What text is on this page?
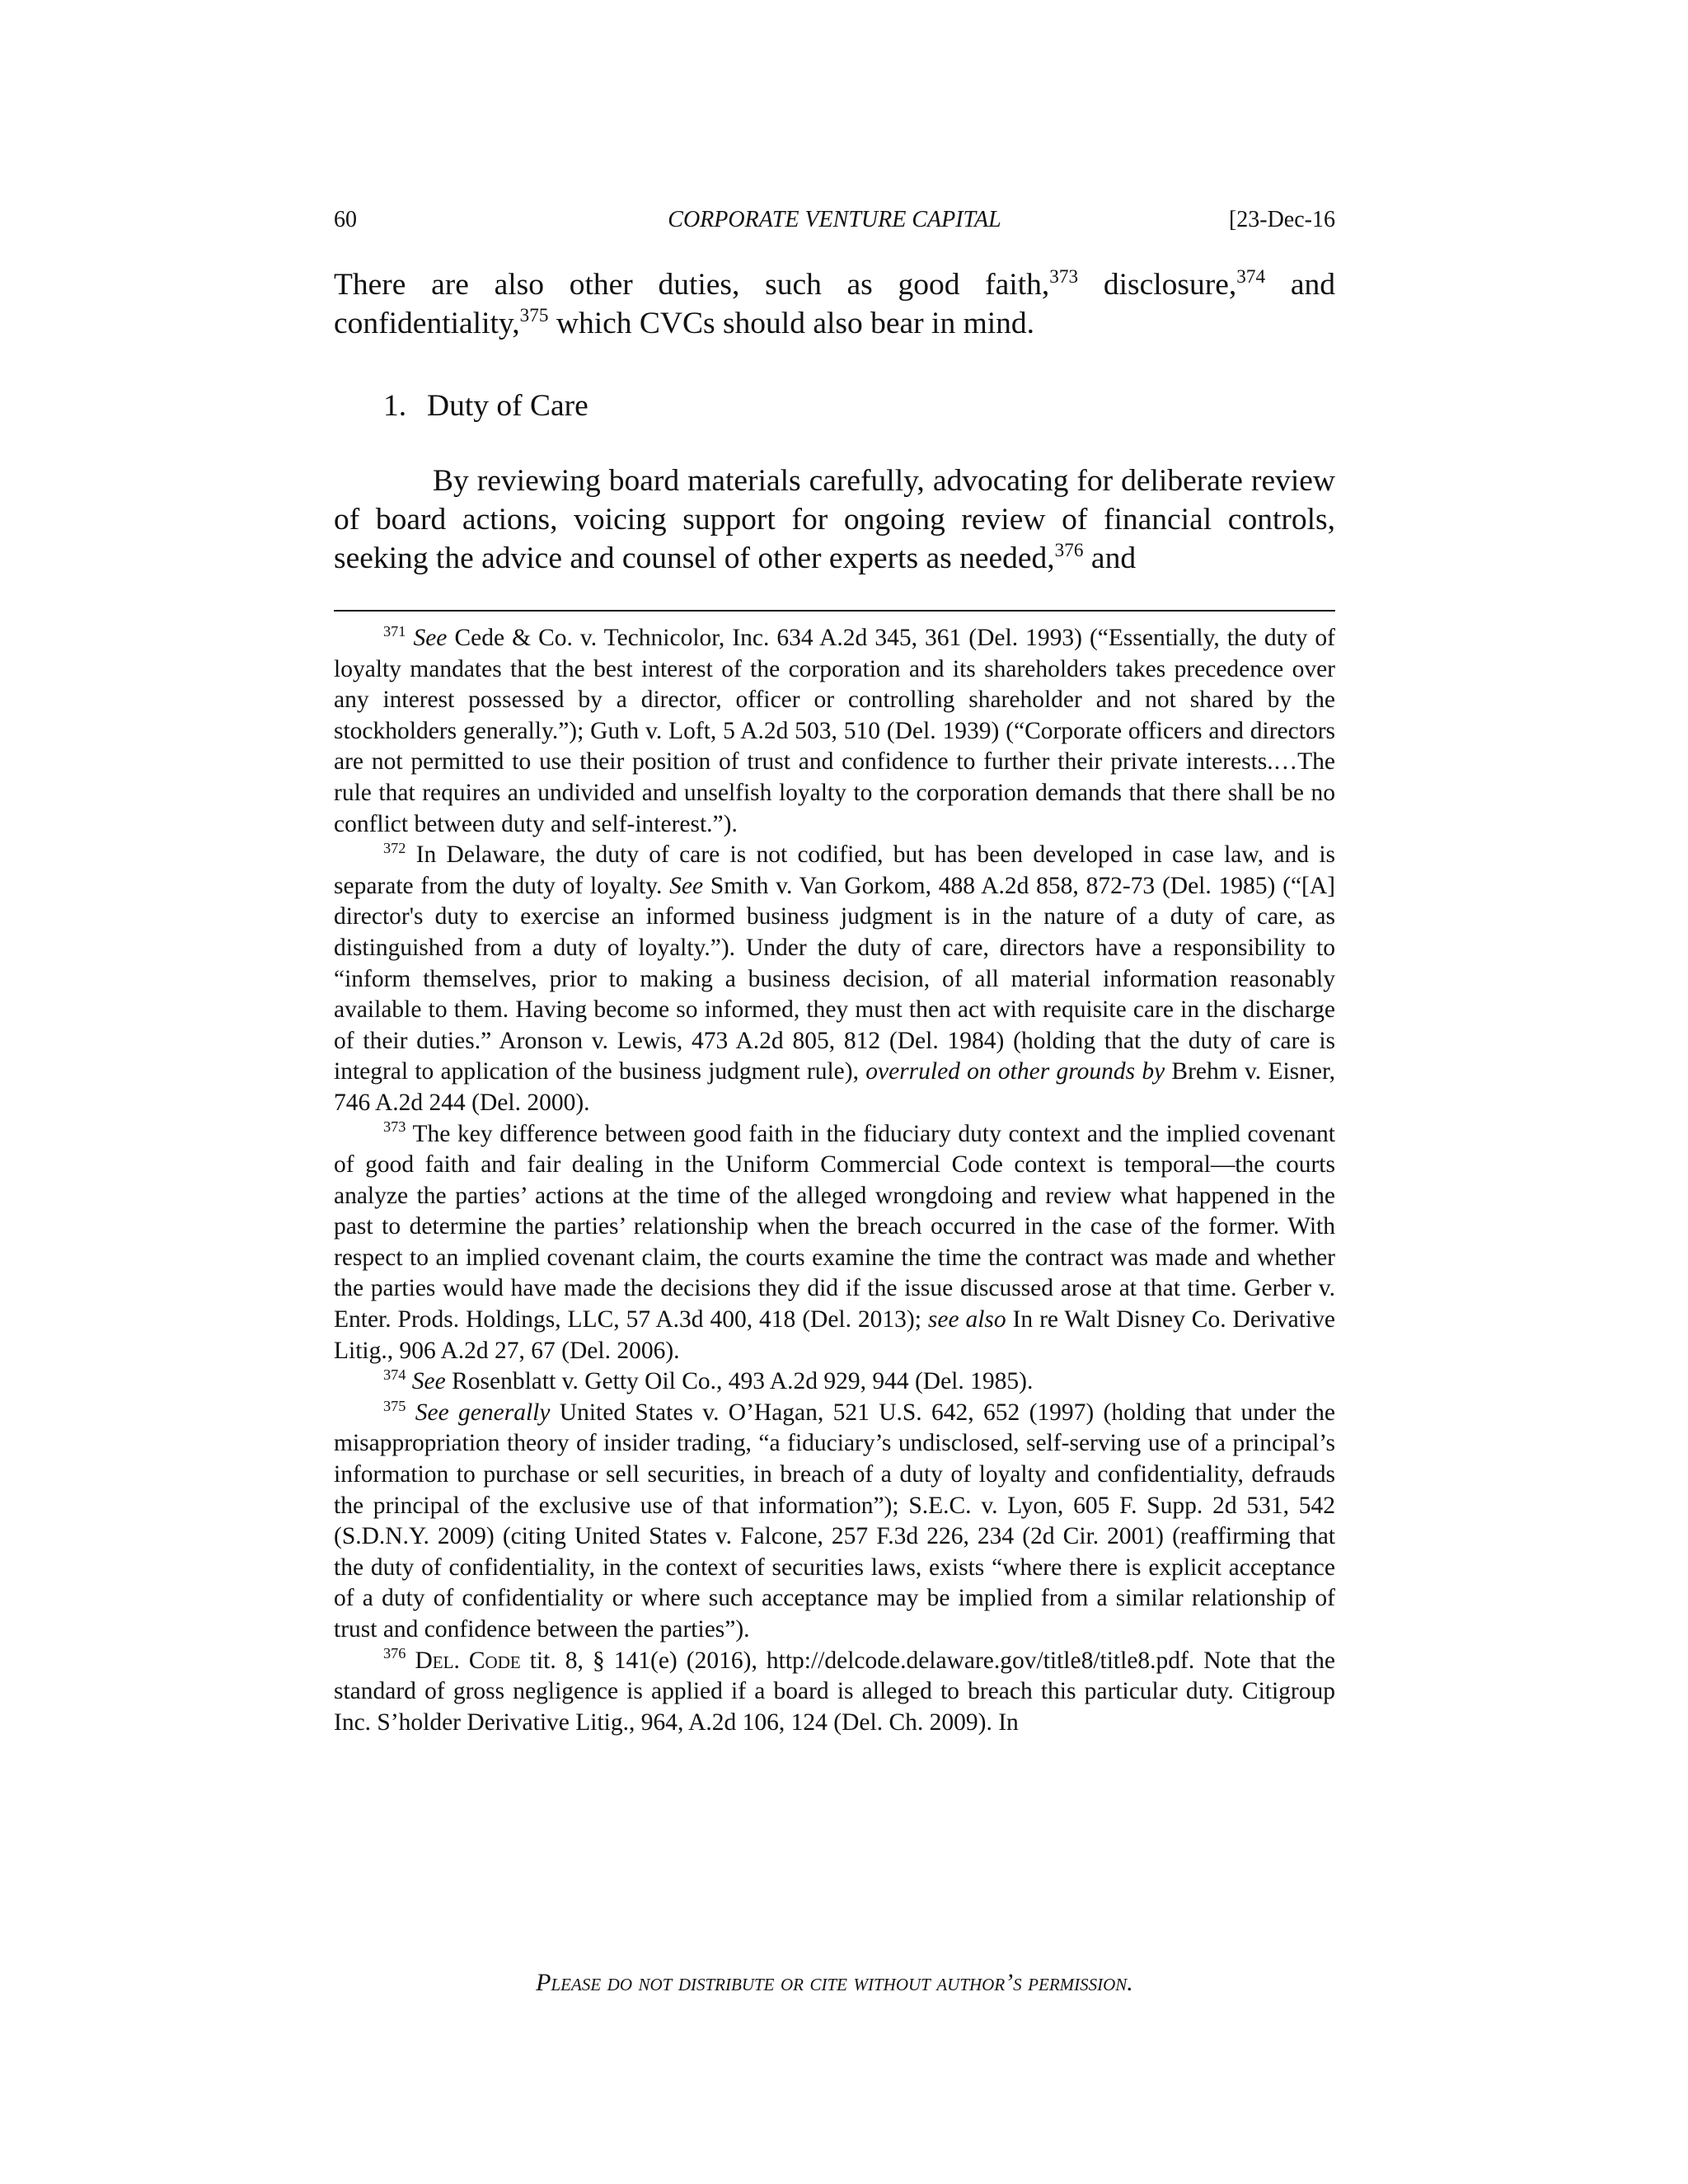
60	CORPORATE VENTURE CAPITAL	[23-Dec-16

There are also other duties, such as good faith,$^{373}$ disclosure,$^{374}$ and confidentiality,$^{375}$ which CVCs should also bear in mind.

1. Duty of Care

By reviewing board materials carefully, advocating for deliberate review of board actions, voicing support for ongoing review of financial controls, seeking the advice and counsel of other experts as needed,$^{376}$ and

$^{371}$ See Cede & Co. v. Technicolor, Inc. 634 A.2d 345, 361 (Del. 1993) (“Essentially, the duty of loyalty mandates that the best interest of the corporation and its shareholders takes precedence over any interest possessed by a director, officer or controlling shareholder and not shared by the stockholders generally.”); Guth v. Loft, 5 A.2d 503, 510 (Del. 1939) (“Corporate officers and directors are not permitted to use their position of trust and confidence to further their private interests.…The rule that requires an undivided and unselfish loyalty to the corporation demands that there shall be no conflict between duty and self-interest.”).

$^{372}$ In Delaware, the duty of care is not codified, but has been developed in case law, and is separate from the duty of loyalty. See Smith v. Van Gorkom, 488 A.2d 858, 872-73 (Del. 1985) (“[A] director's duty to exercise an informed business judgment is in the nature of a duty of care, as distinguished from a duty of loyalty.”). Under the duty of care, directors have a responsibility to “inform themselves, prior to making a business decision, of all material information reasonably available to them. Having become so informed, they must then act with requisite care in the discharge of their duties.” Aronson v. Lewis, 473 A.2d 805, 812 (Del. 1984) (holding that the duty of care is integral to application of the business judgment rule), overruled on other grounds by Brehm v. Eisner, 746 A.2d 244 (Del. 2000).

$^{373}$ The key difference between good faith in the fiduciary duty context and the implied covenant of good faith and fair dealing in the Uniform Commercial Code context is temporal—the courts analyze the parties’ actions at the time of the alleged wrongdoing and review what happened in the past to determine the parties’ relationship when the breach occurred in the case of the former. With respect to an implied covenant claim, the courts examine the time the contract was made and whether the parties would have made the decisions they did if the issue discussed arose at that time. Gerber v. Enter. Prods. Holdings, LLC, 57 A.3d 400, 418 (Del. 2013); see also In re Walt Disney Co. Derivative Litig., 906 A.2d 27, 67 (Del. 2006).

$^{374}$ See Rosenblatt v. Getty Oil Co., 493 A.2d 929, 944 (Del. 1985).

$^{375}$ See generally United States v. O’Hagan, 521 U.S. 642, 652 (1997) (holding that under the misappropriation theory of insider trading, “a fiduciary’s undisclosed, self-serving use of a principal’s information to purchase or sell securities, in breach of a duty of loyalty and confidentiality, defrauds the principal of the exclusive use of that information”); S.E.C. v. Lyon, 605 F. Supp. 2d 531, 542 (S.D.N.Y. 2009) (citing United States v. Falcone, 257 F.3d 226, 234 (2d Cir. 2001) (reaffirming that the duty of confidentiality, in the context of securities laws, exists “where there is explicit acceptance of a duty of confidentiality or where such acceptance may be implied from a similar relationship of trust and confidence between the parties”).

$^{376}$ Del. Code tit. 8, § 141(e) (2016), http://delcode.delaware.gov/title8/title8.pdf. Note that the standard of gross negligence is applied if a board is alleged to breach this particular duty. Citigroup Inc. S’holder Derivative Litig., 964, A.2d 106, 124 (Del. Ch. 2009). In

Please do not distribute or cite without author’s permission.
